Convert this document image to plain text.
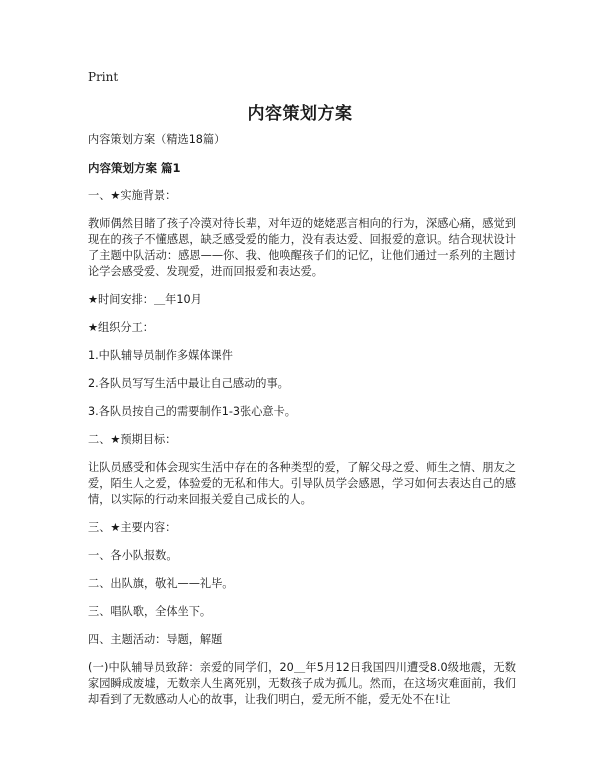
Print
内容策划方案

内容策划方案（精选18篇）

内容策划方案 篇1

一、★实施背景：

教师偶然目睹了孩子冷漠对待长辈，对年迈的姥姥恶言相向的行为，深感心痛，感觉到现在的孩子不懂感恩，缺乏感受爱的能力，没有表达爱、回报爱的意识。结合现状设计了主题中队活动：感恩——你、我、他唤醒孩子们的记忆，让他们通过一系列的主题讨论学会感受爱、发现爱，进而回报爱和表达爱。

★时间安排：＿年10月

★组织分工：

1.中队辅导员制作多媒体课件

2.各队员写写生活中最让自己感动的事。

3.各队员按自己的需要制作1-3张心意卡。

二、★预期目标：

让队员感受和体会现实生活中存在的各种类型的爱，了解父母之爱、师生之情、朋友之爱，陌生人之爱，体验爱的无私和伟大。引导队员学会感恩，学习如何去表达自己的感情，以实际的行动来回报关爱自己成长的人。

三、★主要内容：

一、各小队报数。

二、出队旗，敬礼——礼毕。

三、唱队歌，全体坐下。

四、主题活动：导题，解题

(一)中队辅导员致辞：亲爱的同学们，20＿年5月12日我国四川遭受8.0级地震，无数家园瞬成废墟，无数亲人生离死别，无数孩子成为孤儿。然而，在这场灾难面前，我们却看到了无数感动人心的故事，让我们明白，爱无所不能，爱无处不在!让
